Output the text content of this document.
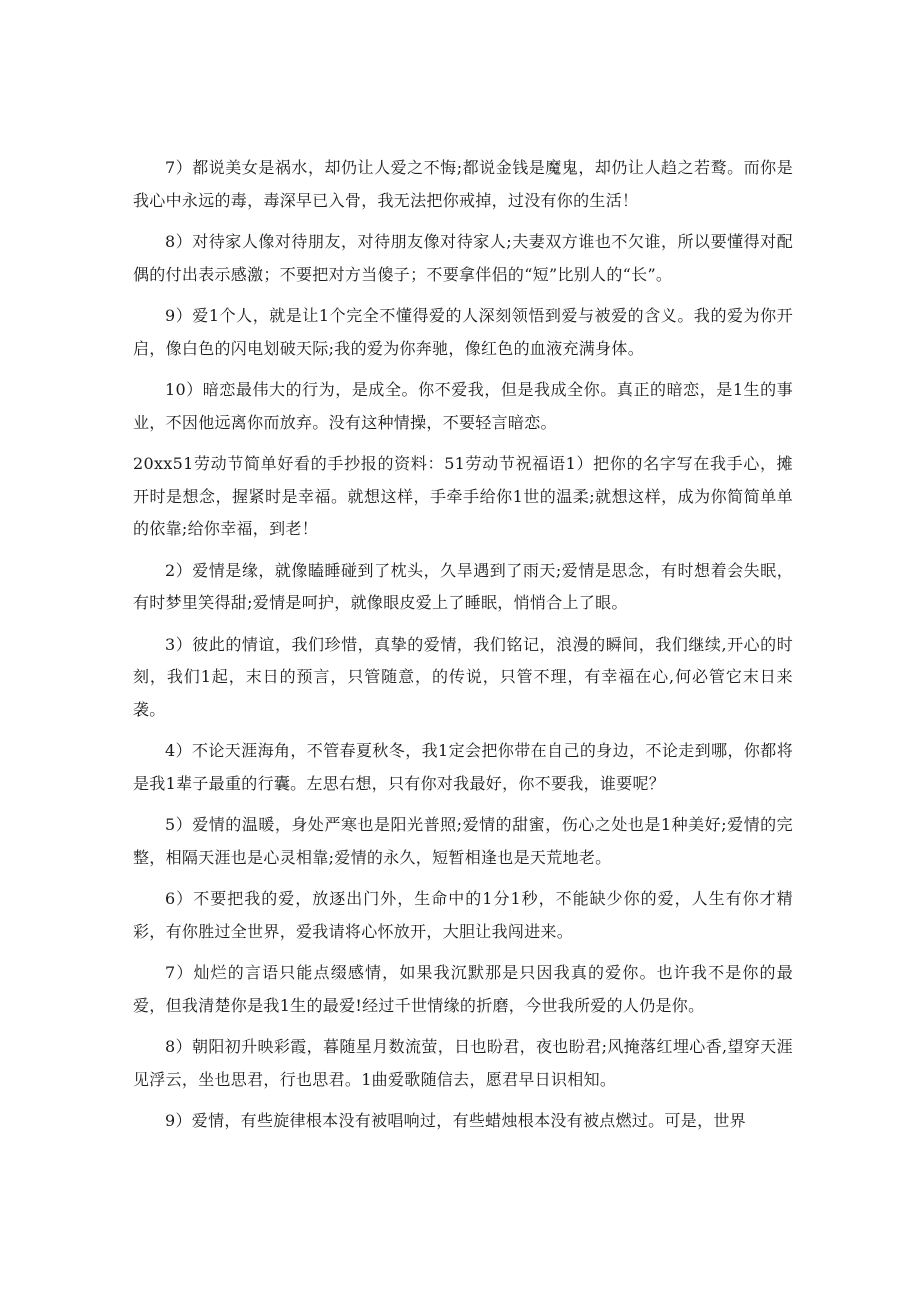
7）都说美女是祸水，却仍让人爱之不悔;都说金钱是魔鬼，却仍让人趋之若鹜。而你是我心中永远的毒，毒深早已入骨，我无法把你戒掉，过没有你的生活！

8）对待家人像对待朋友，对待朋友像对待家人;夫妻双方谁也不欠谁，所以要懂得对配偶的付出表示感激；不要把对方当傻子；不要拿伴侣的“短”比别人的“长”。

9）爱1个人，就是让1个完全不懂得爱的人深刻领悟到爱与被爱的含义。我的爱为你开启，像白色的闪电划破天际;我的爱为你奔驰，像红色的血液充满身体。

10）暗恋最伟大的行为，是成全。你不爱我，但是我成全你。真正的暗恋，是1生的事业，不因他远离你而放弃。没有这种情操，不要轻言暗恋。

20xx51劳动节简单好看的手抄报的资料：51劳动节祝福语1）把你的名字写在我手心，摊开时是想念，握紧时是幸福。就想这样，手牵手给你1世的温柔;就想这样，成为你简简单单的依靠;给你幸福，到老！

2）爱情是缘，就像瞌睡碰到了枕头，久旱遇到了雨天;爱情是思念，有时想着会失眠，有时梦里笑得甜;爱情是呵护，就像眼皮爱上了睡眠，悄悄合上了眼。

3）彼此的情谊，我们珍惜，真挚的爱情，我们铭记，浪漫的瞬间，我们继续,开心的时刻，我们1起，末日的预言，只管随意，的传说，只管不理，有幸福在心,何必管它末日来袭。

4）不论天涯海角，不管春夏秋冬，我1定会把你带在自己的身边，不论走到哪，你都将是我1辈子最重的行囊。左思右想，只有你对我最好，你不要我，谁要呢？

5）爱情的温暖，身处严寒也是阳光普照;爱情的甜蜜，伤心之处也是1种美好;爱情的完整，相隔天涯也是心灵相靠;爱情的永久，短暂相逢也是天荒地老。

6）不要把我的爱，放逐出门外，生命中的1分1秒，不能缺少你的爱，人生有你才精彩，有你胜过全世界，爱我请将心怀放开，大胆让我闯进来。

7）灿烂的言语只能点缀感情，如果我沉默那是只因我真的爱你。也许我不是你的最爱，但我清楚你是我1生的最爱!经过千世情缘的折磨，今世我所爱的人仍是你。

8）朝阳初升映彩霞，暮随星月数流萤，日也盼君，夜也盼君;风掩落红埋心香,望穿天涯见浮云，坐也思君，行也思君。1曲爱歌随信去，愿君早日识相知。

9）爱情，有些旋律根本没有被唱响过，有些蜡烛根本没有被点燃过。可是，世界
